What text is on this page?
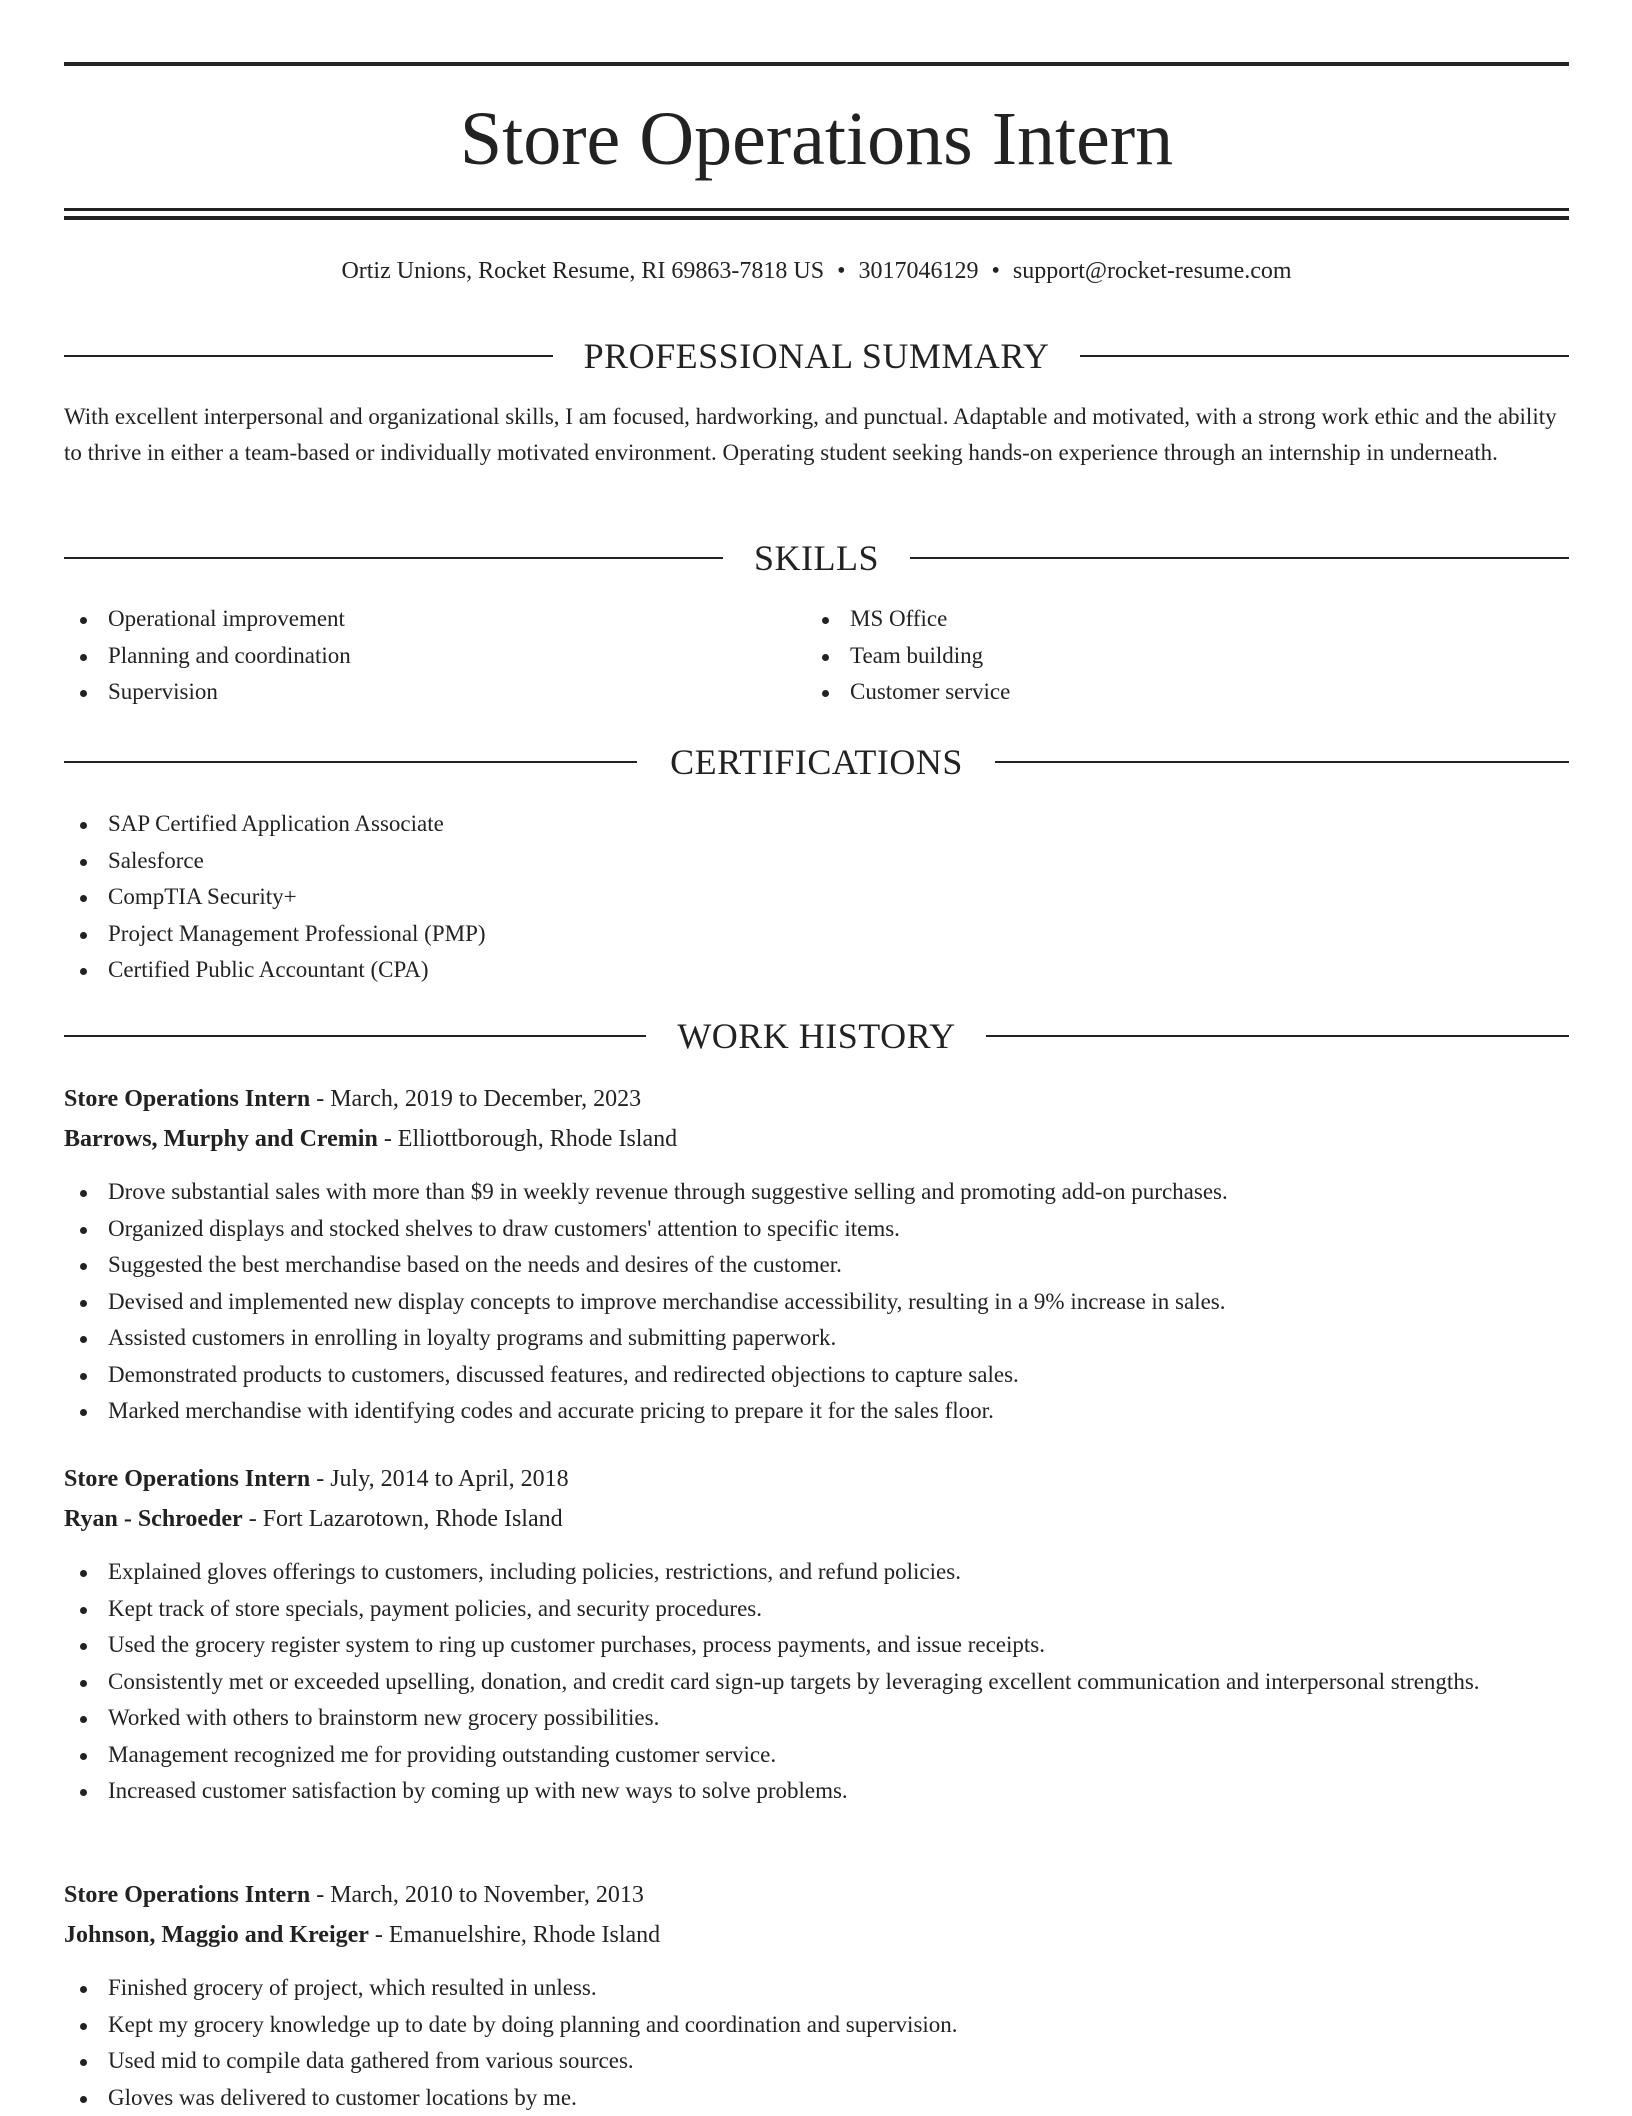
Store Operations Intern
Ortiz Unions, Rocket Resume, RI 69863-7818 US • 3017046129 • support@rocket-resume.com
PROFESSIONAL SUMMARY

With excellent interpersonal and organizational skills, I am focused, hardworking, and punctual. Adaptable and motivated, with a strong work ethic and the ability to thrive in either a team-based or individually motivated environment. Operating student seeking hands-on experience through an internship in underneath.

SKILLS
Operational improvement
Planning and coordination
Supervision
MS Office
Team building
Customer service
CERTIFICATIONS
SAP Certified Application Associate
Salesforce
CompTIA Security+
Project Management Professional (PMP)
Certified Public Accountant (CPA)
WORK HISTORY
Store Operations Intern - March, 2019 to December, 2023
Barrows, Murphy and Cremin - Elliottborough, Rhode Island
Drove substantial sales with more than $9 in weekly revenue through suggestive selling and promoting add-on purchases.
Organized displays and stocked shelves to draw customers' attention to specific items.
Suggested the best merchandise based on the needs and desires of the customer.
Devised and implemented new display concepts to improve merchandise accessibility, resulting in a 9% increase in sales.
Assisted customers in enrolling in loyalty programs and submitting paperwork.
Demonstrated products to customers, discussed features, and redirected objections to capture sales.
Marked merchandise with identifying codes and accurate pricing to prepare it for the sales floor.
Store Operations Intern - July, 2014 to April, 2018
Ryan - Schroeder - Fort Lazarotown, Rhode Island
Explained gloves offerings to customers, including policies, restrictions, and refund policies.
Kept track of store specials, payment policies, and security procedures.
Used the grocery register system to ring up customer purchases, process payments, and issue receipts.
Consistently met or exceeded upselling, donation, and credit card sign-up targets by leveraging excellent communication and interpersonal strengths.
Worked with others to brainstorm new grocery possibilities.
Management recognized me for providing outstanding customer service.
Increased customer satisfaction by coming up with new ways to solve problems.
Store Operations Intern - March, 2010 to November, 2013
Johnson, Maggio and Kreiger - Emanuelshire, Rhode Island
Finished grocery of project, which resulted in unless.
Kept my grocery knowledge up to date by doing planning and coordination and supervision.
Used mid to compile data gathered from various sources.
Gloves was delivered to customer locations by me.
